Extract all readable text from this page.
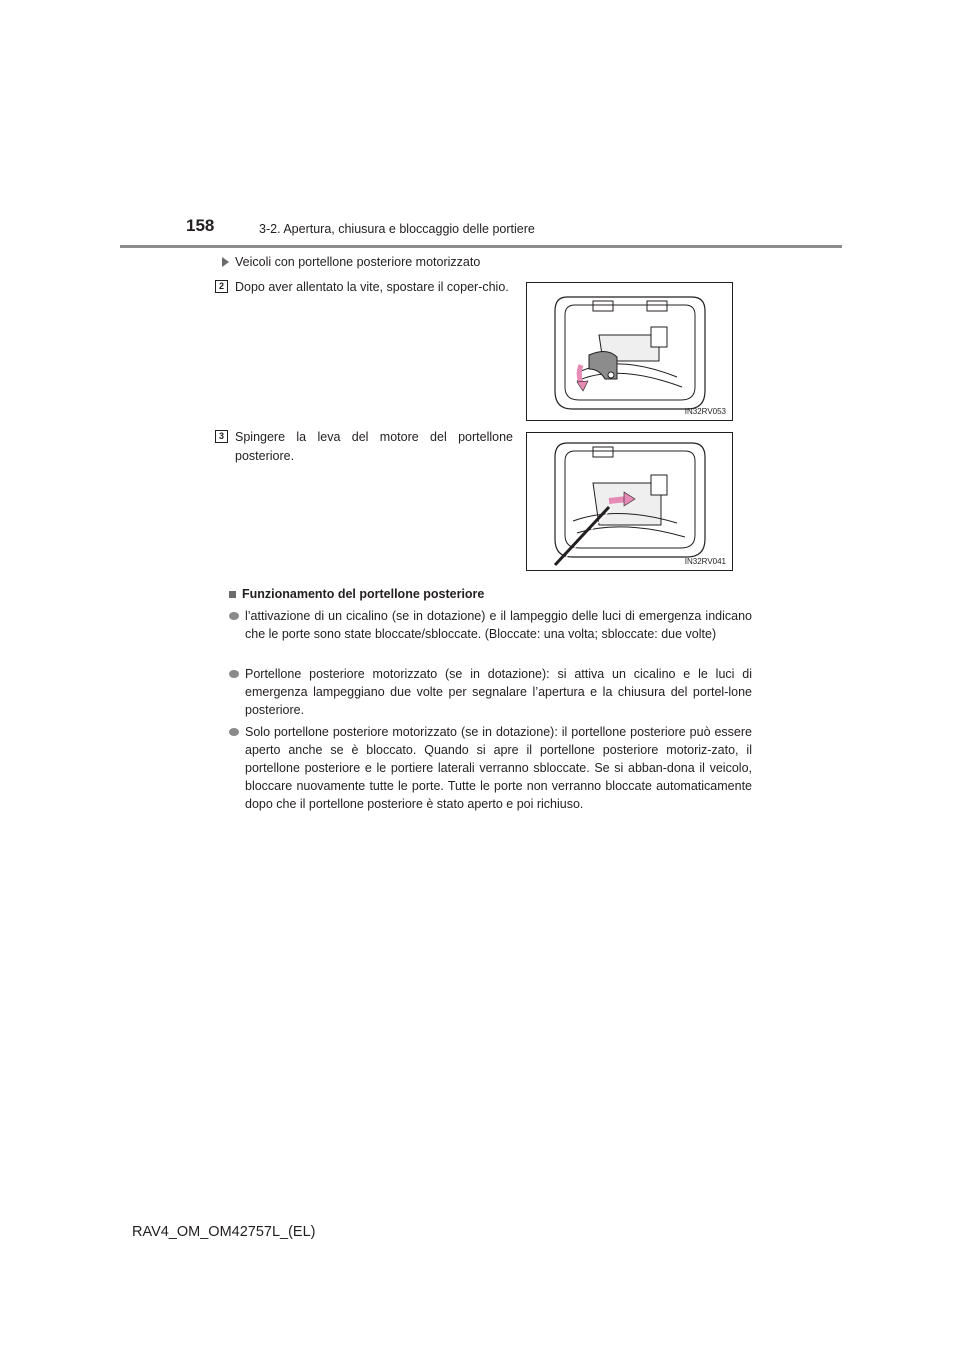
158	3-2. Apertura, chiusura e bloccaggio delle portiere
Veicoli con portellone posteriore motorizzato
2 Dopo aver allentato la vite, spostare il coper-chio.
IN32RV053
3 Spingere la leva del motore del portellone posteriore.
IN32RV041
Funzionamento del portellone posteriore
l’attivazione di un cicalino (se in dotazione) e il lampeggio delle luci di emergenza indicano che le porte sono state bloccate/sbloccate. (Bloccate: una volta; sbloccate: due volte)
Portellone posteriore motorizzato (se in dotazione): si attiva un cicalino e le luci di emergenza lampeggiano due volte per segnalare l’apertura e la chiusura del portel-lone posteriore.
Solo portellone posteriore motorizzato (se in dotazione): il portellone posteriore può essere aperto anche se è bloccato. Quando si apre il portellone posteriore motoriz-zato, il portellone posteriore e le portiere laterali verranno sbloccate. Se si abban-dona il veicolo, bloccare nuovamente tutte le porte. Tutte le porte non verranno bloccate automaticamente dopo che il portellone posteriore è stato aperto e poi richiuso.
RAV4_OM_OM42757L_(EL)
